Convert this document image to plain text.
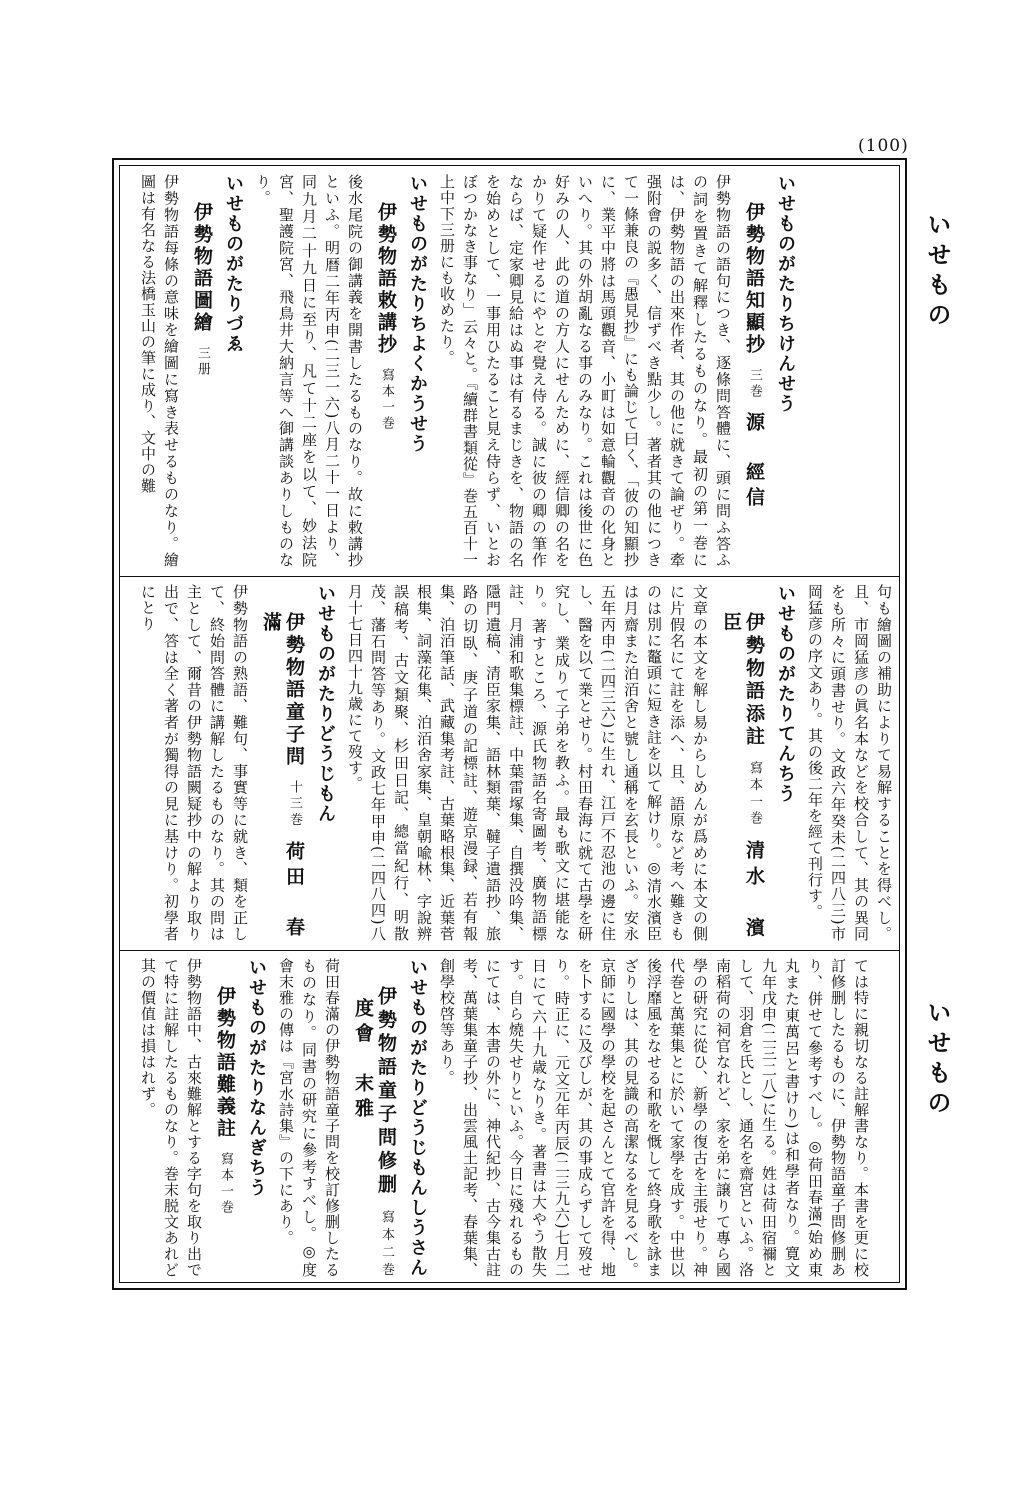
(100)
いせもの
いせもの
いせものがたりちけんせう
伊勢物語知顯抄三巻源　經信
伊勢物語の語句につき、逐條問答體に、頭に問ふ答ふの詞を置きて解釋したるものなり。最初の第一巻には、伊勢物語の出來作者、其の他に就きて論ぜり。牽强附會の説多く、信ずべき點少し。著者其の他につきて一條兼良の『愚見抄』にも論じて曰く、「彼の知顯抄に、業平中將は馬頭觀音、小町は如意輪觀音の化身といへり。其の外胡亂なる事のみなり。これは後世に色好みの人、此の道の方人にせんために、經信卿の名をかりて疑作せるにやとぞ覺え侍る。誠に彼の卿の筆作ならば、定家卿見給はぬ事は有るまじきを、物語の名を始めとして、一事用ひたること見え侍らず、いとおぼつかなき事なり」云々と。『續群書類從』巻五百十一上中下三册にも收めたり。
いせものがたりちよくかうせう
伊勢物語敕講抄寫本一巻
後水尾院の御講義を開書したるものなり。故に敕講抄といふ。明暦二年丙申(二三一六)八月二十一日より、同九月二十九日に至り、凡て十二座を以て、妙法院宮、聖護院宮、飛鳥井大納言等へ御講談ありしものなり。
いせものがたりづゑ
伊勢物語圖繪三册
伊勢物語每條の意味を繪圖に寫き表せるものなり。繪圖は有名なる法橋玉山の筆に成り、文中の難
句も繪圖の補助によりて易解することを得べし。且、市岡猛彦の眞名本などを校合して、其の異同をも所々に頭書せり。文政六年癸未(二四八三)市岡猛彦の序文あり。其の後二年を經て刊行す。
いせものがたりてんちう
伊勢物語添註寫本一巻清水　濱臣
文章の本文を解し易からしめんが爲めに本文の側に片假名にて註を添へ、且、語原など考へ難きものは別に鼇頭に短き註を以て解けり。◎清水濱臣は月齋また泊洦舍と號し通稱を玄長といふ。安永五年丙申(二四三六)に生れ、江戸不忍池の邊に住し、醫を以て業とせり。村田春海に就て古學を研究し、業成りて子弟を教ふ。最も歌文に堪能なり。著すところ、源氏物語名寄圖考、廣物語標註、月浦和歌集標註、中葉雷塚集、自撰没吟集、隱門遺稿、清臣家集、語林類葉、韃子遺語抄、旅路の切臥、庚子道の記標註、遊京漫録、若有報集、泊洦筆話、武藏集考註、古葉略根集、近葉菅根集、詞藻花集、泊洦舍家集、皇朝喩林、字說辨誤稿考、古文類聚、杉田日記、總當紀行、明散茂、藩石問答等あり。文政七年甲申(二四八四)八月十七日四十九歳にて歿す。
いせものがたりどうじもん
伊勢物語童子問十三巻荷田　春滿
伊勢物語の熟語、難句、事實等に就き、類を正して、終始問答體に講解したるものなり。其の問は主として、爾昔の伊勢物語闕疑抄中の解より取り出で、答は全く著者が獨得の見に基けり。初學者にとり
ては特に親切なる註解書なり。本書を更に校訂修删したるものに、伊勢物語童子問修删あり、併せて參考すべし。◎荷田春滿(始め東丸また東萬呂と書けり)は和學者なり。寛文九年戊申(二三二八)に生る。姓は荷田宿禰として、羽倉を氏とし、通名を齋宮といふ。洛南稻荷の祠官なれど、家を弟に譲りて專ら國學の研究に從ひ、新學の復古を主張せり。神代巻と萬葉集とに於いて家學を成す。中世以後浮靡風をなせる和歌を慨して終身歌を詠まざりしは、其の見識の高潔なるを見るべし。京師に國學の學校を起さんとて官許を得、地を卜するに及びしが、其の事成らずして歿せり。時正に、元文元年丙辰(二三九六)七月二日にて六十九歳なりき。著書は大やう散失す。自ら燒失せりといふ。今日に殘れるものにては、本書の外に、神代紀抄、古今集古註考、萬葉集童子抄、出雲風土記考、春葉集、創學校啓等あり。
いせものがたりどうじもんしうさん
伊勢物語童子問修删寫本二巻度會　末雅
荷田春滿の伊勢物語童子問を校訂修删したるものなり。同書の研究に參考すべし。◎度會末雅の傳は『宮水詩集』の下にあり。
いせものがたりなんぎちう
伊勢物語難義註寫本一巻
伊勢物語中、古來難解とする字句を取り出でて特に註解したるものなり。巻末脱文あれど其の價值は損はれず。
